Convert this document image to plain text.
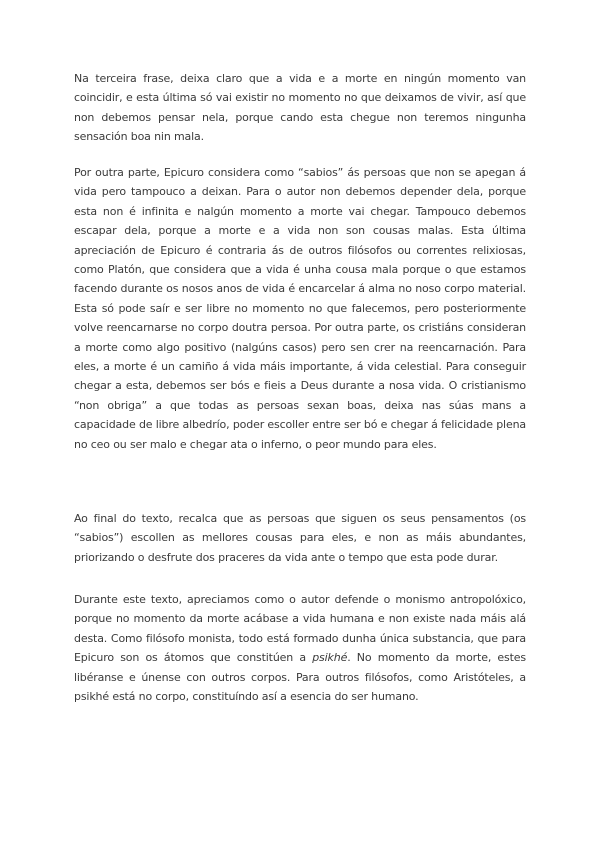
Na terceira frase, deixa claro que a vida e a morte en ningún momento van coincidir, e esta última só vai existir no momento no que deixamos de vivir, así que non debemos pensar nela, porque cando esta chegue non teremos ningunha sensación boa nin mala.

Por outra parte, Epicuro considera como “sabios” ás persoas que non se apegan á vida pero tampouco a deixan. Para o autor non debemos depender dela, porque esta non é infinita e nalgún momento a morte vai chegar. Tampouco debemos escapar dela, porque a morte e a vida non son cousas malas. Esta última apreciación de Epicuro é contraria ás de outros filósofos ou correntes relixiosas, como Platón, que considera que a vida é unha cousa mala porque o que estamos facendo durante os nosos anos de vida é encarcelar á alma no noso corpo material. Esta só pode saír e ser libre no momento no que falecemos, pero posteriormente volve reencarnarse no corpo doutra persoa. Por outra parte, os cristiáns consideran a morte como algo positivo (nalgúns casos) pero sen crer na reencarnación. Para eles, a morte é un camiño á vida máis importante, á vida celestial. Para conseguir chegar a esta, debemos ser bós e fieis a Deus durante a nosa vida. O cristianismo “non obriga” a que todas as persoas sexan boas, deixa nas súas mans a capacidade de libre albedrío, poder escoller entre ser bó e chegar á felicidade plena no ceo ou ser malo e chegar ata o inferno, o peor mundo para eles.

Ao final do texto, recalca que as persoas que siguen os seus pensamentos (os “sabios”) escollen as mellores cousas para eles, e non as máis abundantes, priorizando o desfrute dos praceres da vida ante o tempo que esta pode durar.

Durante este texto, apreciamos como o autor defende o monismo antropolóxico, porque no momento da morte acábase a vida humana e non existe nada máis alá desta. Como filósofo monista, todo está formado dunha única substancia, que para Epicuro son os átomos que constitúen a psikhé. No momento da morte, estes libéranse e únense con outros corpos. Para outros filósofos, como Aristóteles, a psikhé está no corpo, constituíndo así a esencia do ser humano.
